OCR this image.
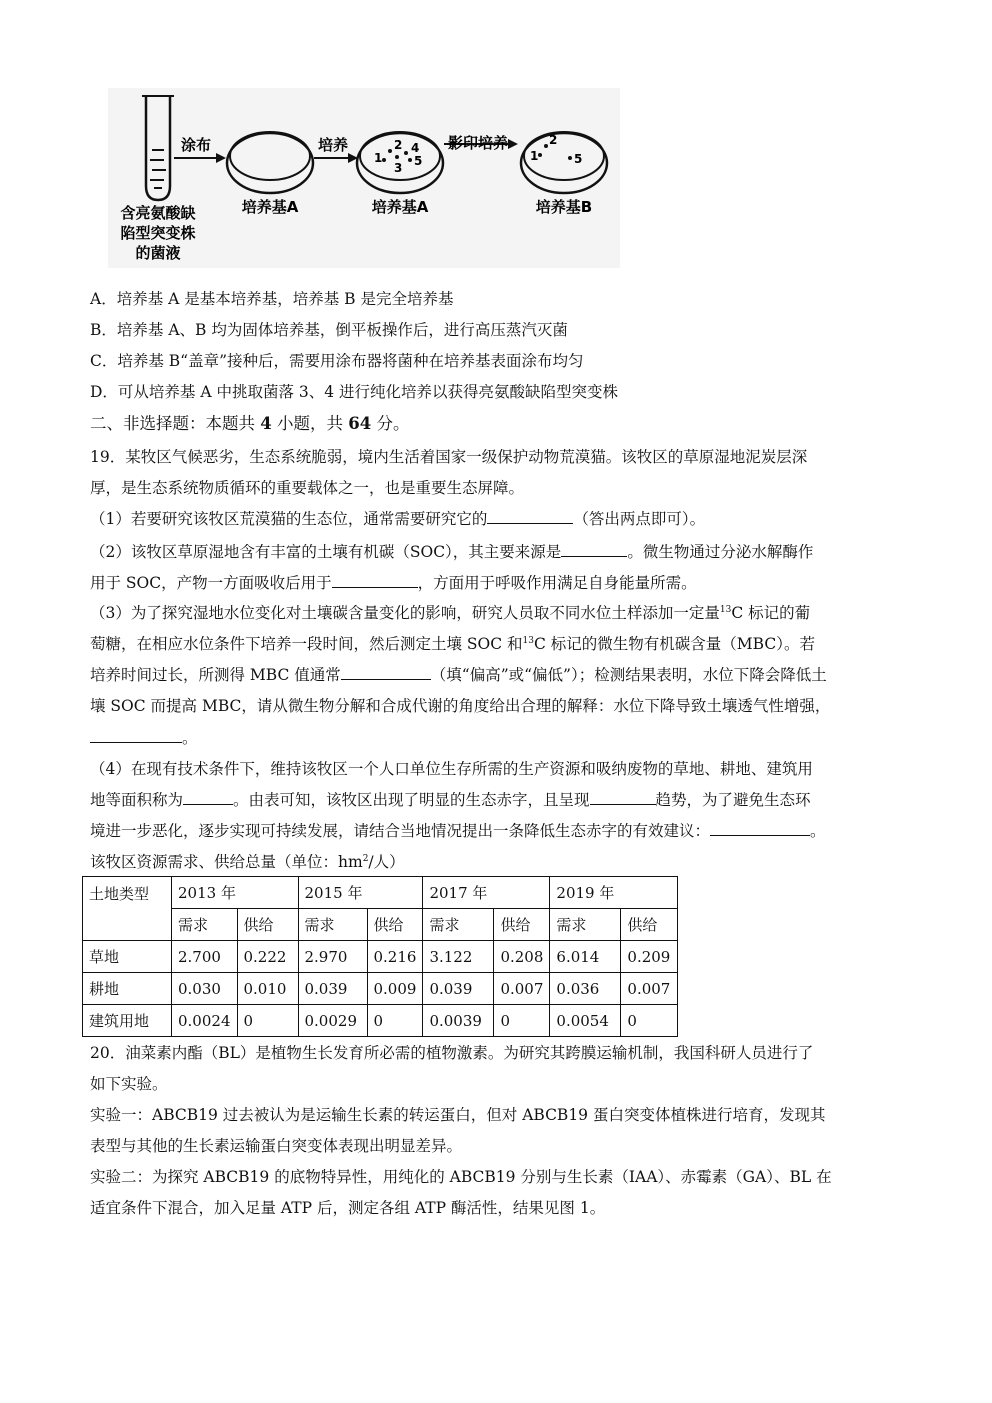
含亮氨酸缺
陷型突变株
的菌液
涂布
培养基A
培养
1
2
3
4
5
培养基A
影印培养
1
2
5
培养基B
A．培养基 A 是基本培养基，培养基 B 是完全培养基
B．培养基 A、B 均为固体培养基，倒平板操作后，进行高压蒸汽灭菌
C．培养基 B“盖章”接种后，需要用涂布器将菌种在培养基表面涂布均匀
D．可从培养基 A 中挑取菌落 3、4 进行纯化培养以获得亮氨酸缺陷型突变株
二、非选择题：本题共 4 小题，共 64 分。
19．某牧区气候恶劣，生态系统脆弱，境内生活着国家一级保护动物荒漠猫。该牧区的草原湿地泥炭层深
厚，是生态系统物质循环的重要载体之一，也是重要生态屏障。
（1）若要研究该牧区荒漠猫的生态位，通常需要研究它的	（答出两点即可）。
（2）该牧区草原湿地含有丰富的土壤有机碳（SOC），其主要来源是	。微生物通过分泌水解酶作
用于 SOC，产物一方面吸收后用于	，方面用于呼吸作用满足自身能量所需。
（3）为了探究湿地水位变化对土壤碳含量变化的影响，研究人员取不同水位土样添加一定量$^{13}$C 标记的葡
萄糖，在相应水位条件下培养一段时间，然后测定土壤 SOC 和$^{13}$C 标记的微生物有机碳含量（MBC）。若
培养时间过长，所测得 MBC 值通常	（填“偏高”或“偏低”）；检测结果表明，水位下降会降低土
壤 SOC 而提高 MBC，请从微生物分解和合成代谢的角度给出合理的解释：水位下降导致土壤透气性增强，
。
（4）在现有技术条件下，维持该牧区一个人口单位生存所需的生产资源和吸纳废物的草地、耕地、建筑用
地等面积称为	。由表可知，该牧区出现了明显的生态赤字，且呈现	趋势，为了避免生态环
境进一步恶化，逐步实现可持续发展，请结合当地情况提出一条降低生态赤字的有效建议：	。
该牧区资源需求、供给总量（单位：$hm^2/$人）
土地类型	2013 年		2015 年		2017 年		2019 年	
	需求	供给	需求	供给	需求	供给	需求	供给
草地	2.700	0.222	2.970	0.216	3.122	0.208	6.014	0.209
耕地	0.030	0.010	0.039	0.009	0.039	0.007	0.036	0.007
建筑用地	0.0024	0	0.0029	0	0.0039	0	0.0054	0
20．油菜素内酯（BL）是植物生长发育所必需的植物激素。为研究其跨膜运输机制，我国科研人员进行了
如下实验。
实验一：ABCB19 过去被认为是运输生长素的转运蛋白，但对 ABCB19 蛋白突变体植株进行培育，发现其
表型与其他的生长素运输蛋白突变体表现出明显差异。
实验二：为探究 ABCB19 的底物特异性，用纯化的 ABCB19 分别与生长素（IAA）、赤霉素（GA）、BL 在
适宜条件下混合，加入足量 ATP 后，测定各组 ATP 酶活性，结果见图 1。
